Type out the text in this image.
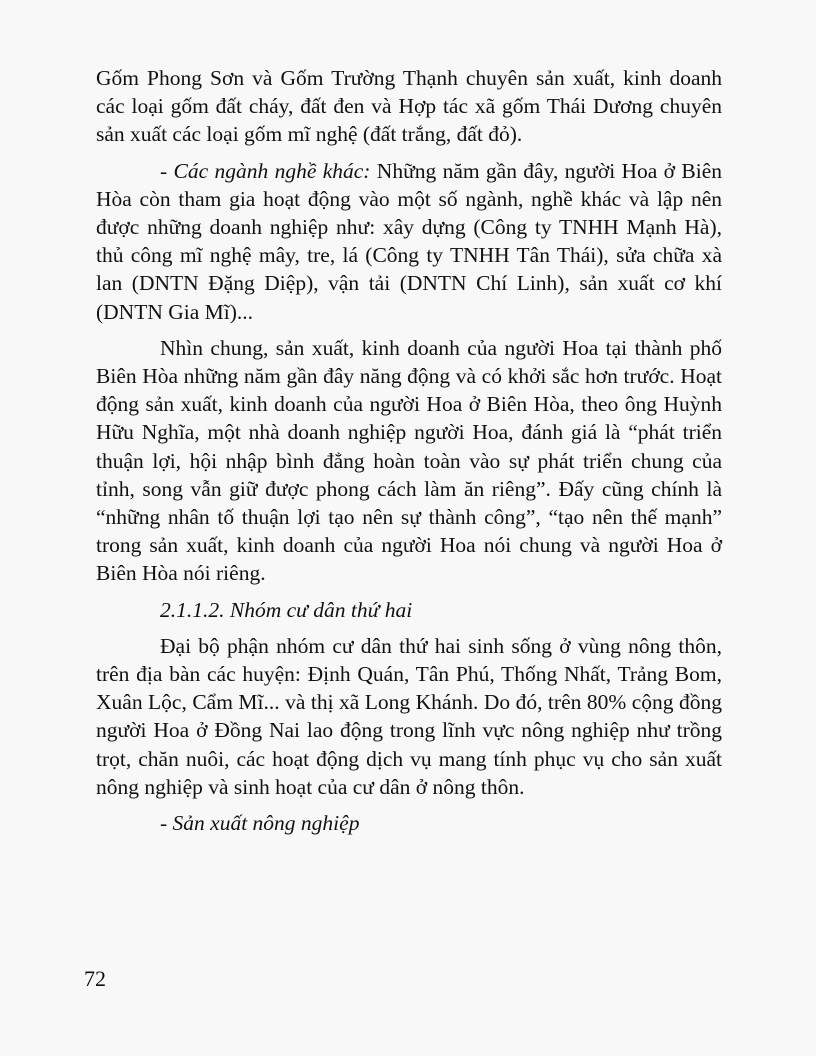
Gốm Phong Sơn và Gốm Trường Thạnh chuyên sản xuất, kinh doanh các loại gốm đất cháy, đất đen và Hợp tác xã gốm Thái Dương chuyên sản xuất các loại gốm mĩ nghệ (đất trắng, đất đỏ).

- Các ngành nghề khác: Những năm gần đây, người Hoa ở Biên Hòa còn tham gia hoạt động vào một số ngành, nghề khác và lập nên được những doanh nghiệp như: xây dựng (Công ty TNHH Mạnh Hà), thủ công mĩ nghệ mây, tre, lá (Công ty TNHH Tân Thái), sửa chữa xà lan (DNTN Đặng Diệp), vận tải (DNTN Chí Linh), sản xuất cơ khí (DNTN Gia Mĩ)...

Nhìn chung, sản xuất, kinh doanh của người Hoa tại thành phố Biên Hòa những năm gần đây năng động và có khởi sắc hơn trước. Hoạt động sản xuất, kinh doanh của người Hoa ở Biên Hòa, theo ông Huỳnh Hữu Nghĩa, một nhà doanh nghiệp người Hoa, đánh giá là “phát triển thuận lợi, hội nhập bình đẳng hoàn toàn vào sự phát triển chung của tỉnh, song vẫn giữ được phong cách làm ăn riêng”. Đấy cũng chính là “những nhân tố thuận lợi tạo nên sự thành công”, “tạo nên thế mạnh” trong sản xuất, kinh doanh của người Hoa nói chung và người Hoa ở Biên Hòa nói riêng.

2.1.1.2. Nhóm cư dân thứ hai

Đại bộ phận nhóm cư dân thứ hai sinh sống ở vùng nông thôn, trên địa bàn các huyện: Định Quán, Tân Phú, Thống Nhất, Trảng Bom, Xuân Lộc, Cẩm Mĩ... và thị xã Long Khánh. Do đó, trên 80% cộng đồng người Hoa ở Đồng Nai lao động trong lĩnh vực nông nghiệp như trồng trọt, chăn nuôi, các hoạt động dịch vụ mang tính phục vụ cho sản xuất nông nghiệp và sinh hoạt của cư dân ở nông thôn.

- Sản xuất nông nghiệp

72
